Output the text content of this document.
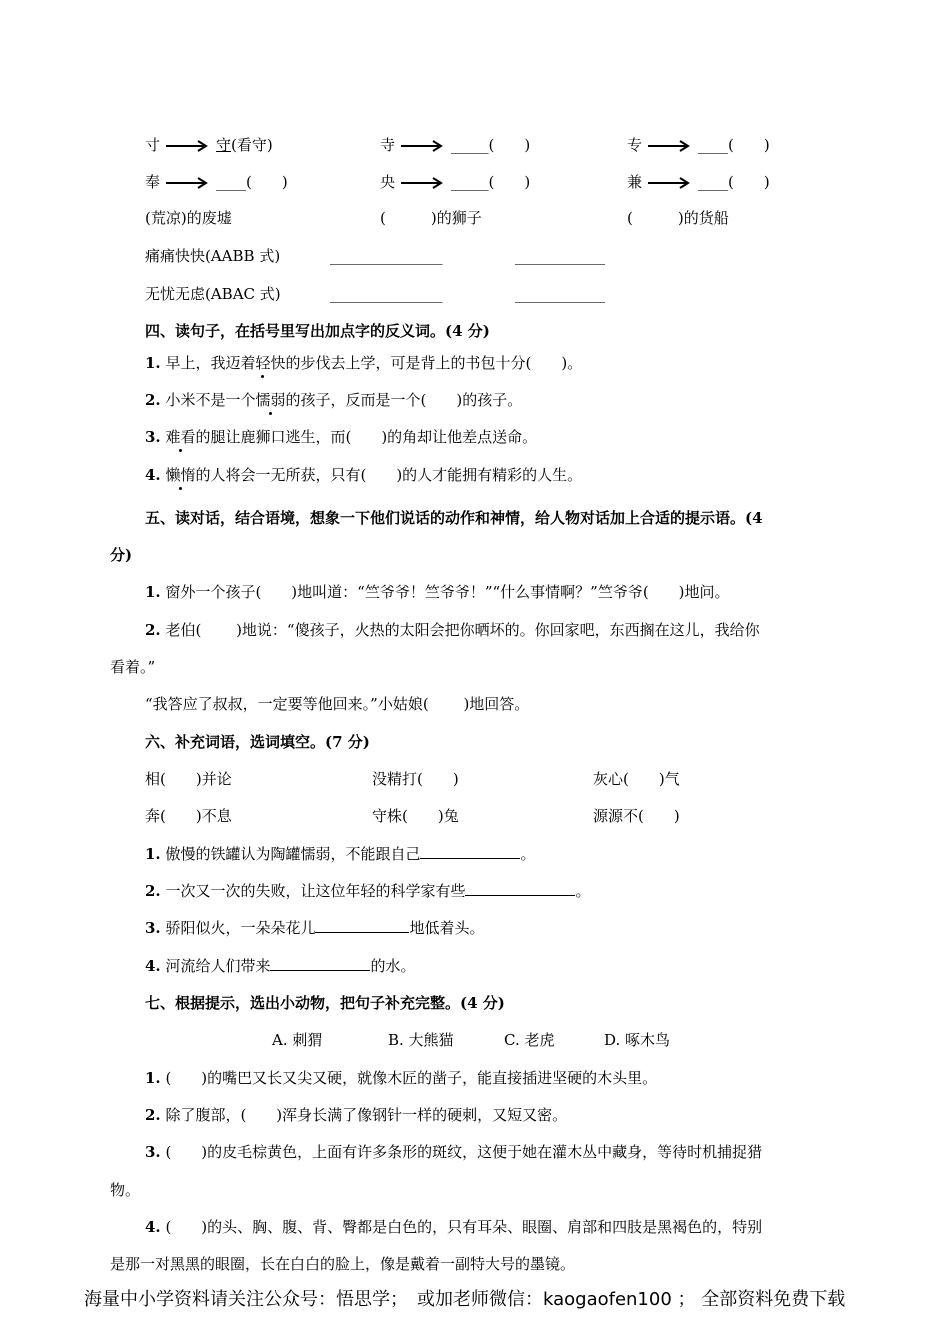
寸	守(看守)	寺	_____(　　)	专	____(　　)
奉	____(　　)	央	_____(　　)	兼	____(　　)
(荒凉)的废墟	(　　　)的狮子	(　　　)的货船
痛痛快快(AABB 式)	_______________	____________
无忧无虑(ABAC 式)	_______________	____________
四、读句子，在括号里写出加点字的反义词。(4 分)
1. 早上，我迈着轻快的步伐去上学，可是背上的书包十分(　　)。
2. 小米不是一个懦弱的孩子，反而是一个(　　)的孩子。
3. 难看的腿让鹿狮口逃生，而(　　)的角却让他差点送命。
4. 懒惰的人将会一无所获，只有(　　)的人才能拥有精彩的人生。
五、读对话，结合语境，想象一下他们说话的动作和神情，给人物对话加上合适的提示语。(4
分)
1. 窗外一个孩子(　　)地叫道：“竺爷爷！竺爷爷！”“什么事情啊？”竺爷爷(　　)地问。
2. 老伯(　　 )地说：“傻孩子，火热的太阳会把你晒坏的。你回家吧，东西搁在这儿，我给你
看着。”
“我答应了叔叔，一定要等他回来。”小姑娘(　　 )地回答。
六、补充词语，选词填空。(7 分)
相(　　)并论	没精打(　　)	灰心(　　)气
奔(　　)不息	守株(　　)兔	源源不(　　)
1. 傲慢的铁罐认为陶罐懦弱，不能跟自己	。
2. 一次又一次的失败，让这位年轻的科学家有些	。
3. 骄阳似火，一朵朵花儿	地低着头。
4. 河流给人们带来	的水。
七、根据提示，选出小动物，把句子补充完整。(4 分)
A. 刺猬	B. 大熊猫	C. 老虎	D. 啄木鸟
1. (　　)的嘴巴又长又尖又硬，就像木匠的凿子，能直接插进坚硬的木头里。
2. 除了腹部，(　　)浑身长满了像钢针一样的硬刺，又短又密。
3. (　　)的皮毛棕黄色，上面有许多条形的斑纹，这便于她在灌木丛中藏身，等待时机捕捉猎
物。
4. (　　)的头、胸、腹、背、臀都是白色的，只有耳朵、眼圈、肩部和四肢是黑褐色的，特别
是那一对黑黑的眼圈，长在白白的脸上，像是戴着一副特大号的墨镜。
海量中小学资料请关注公众号：悟思学；　或加老师微信：kaogaofen100 ； 全部资料免费下载
